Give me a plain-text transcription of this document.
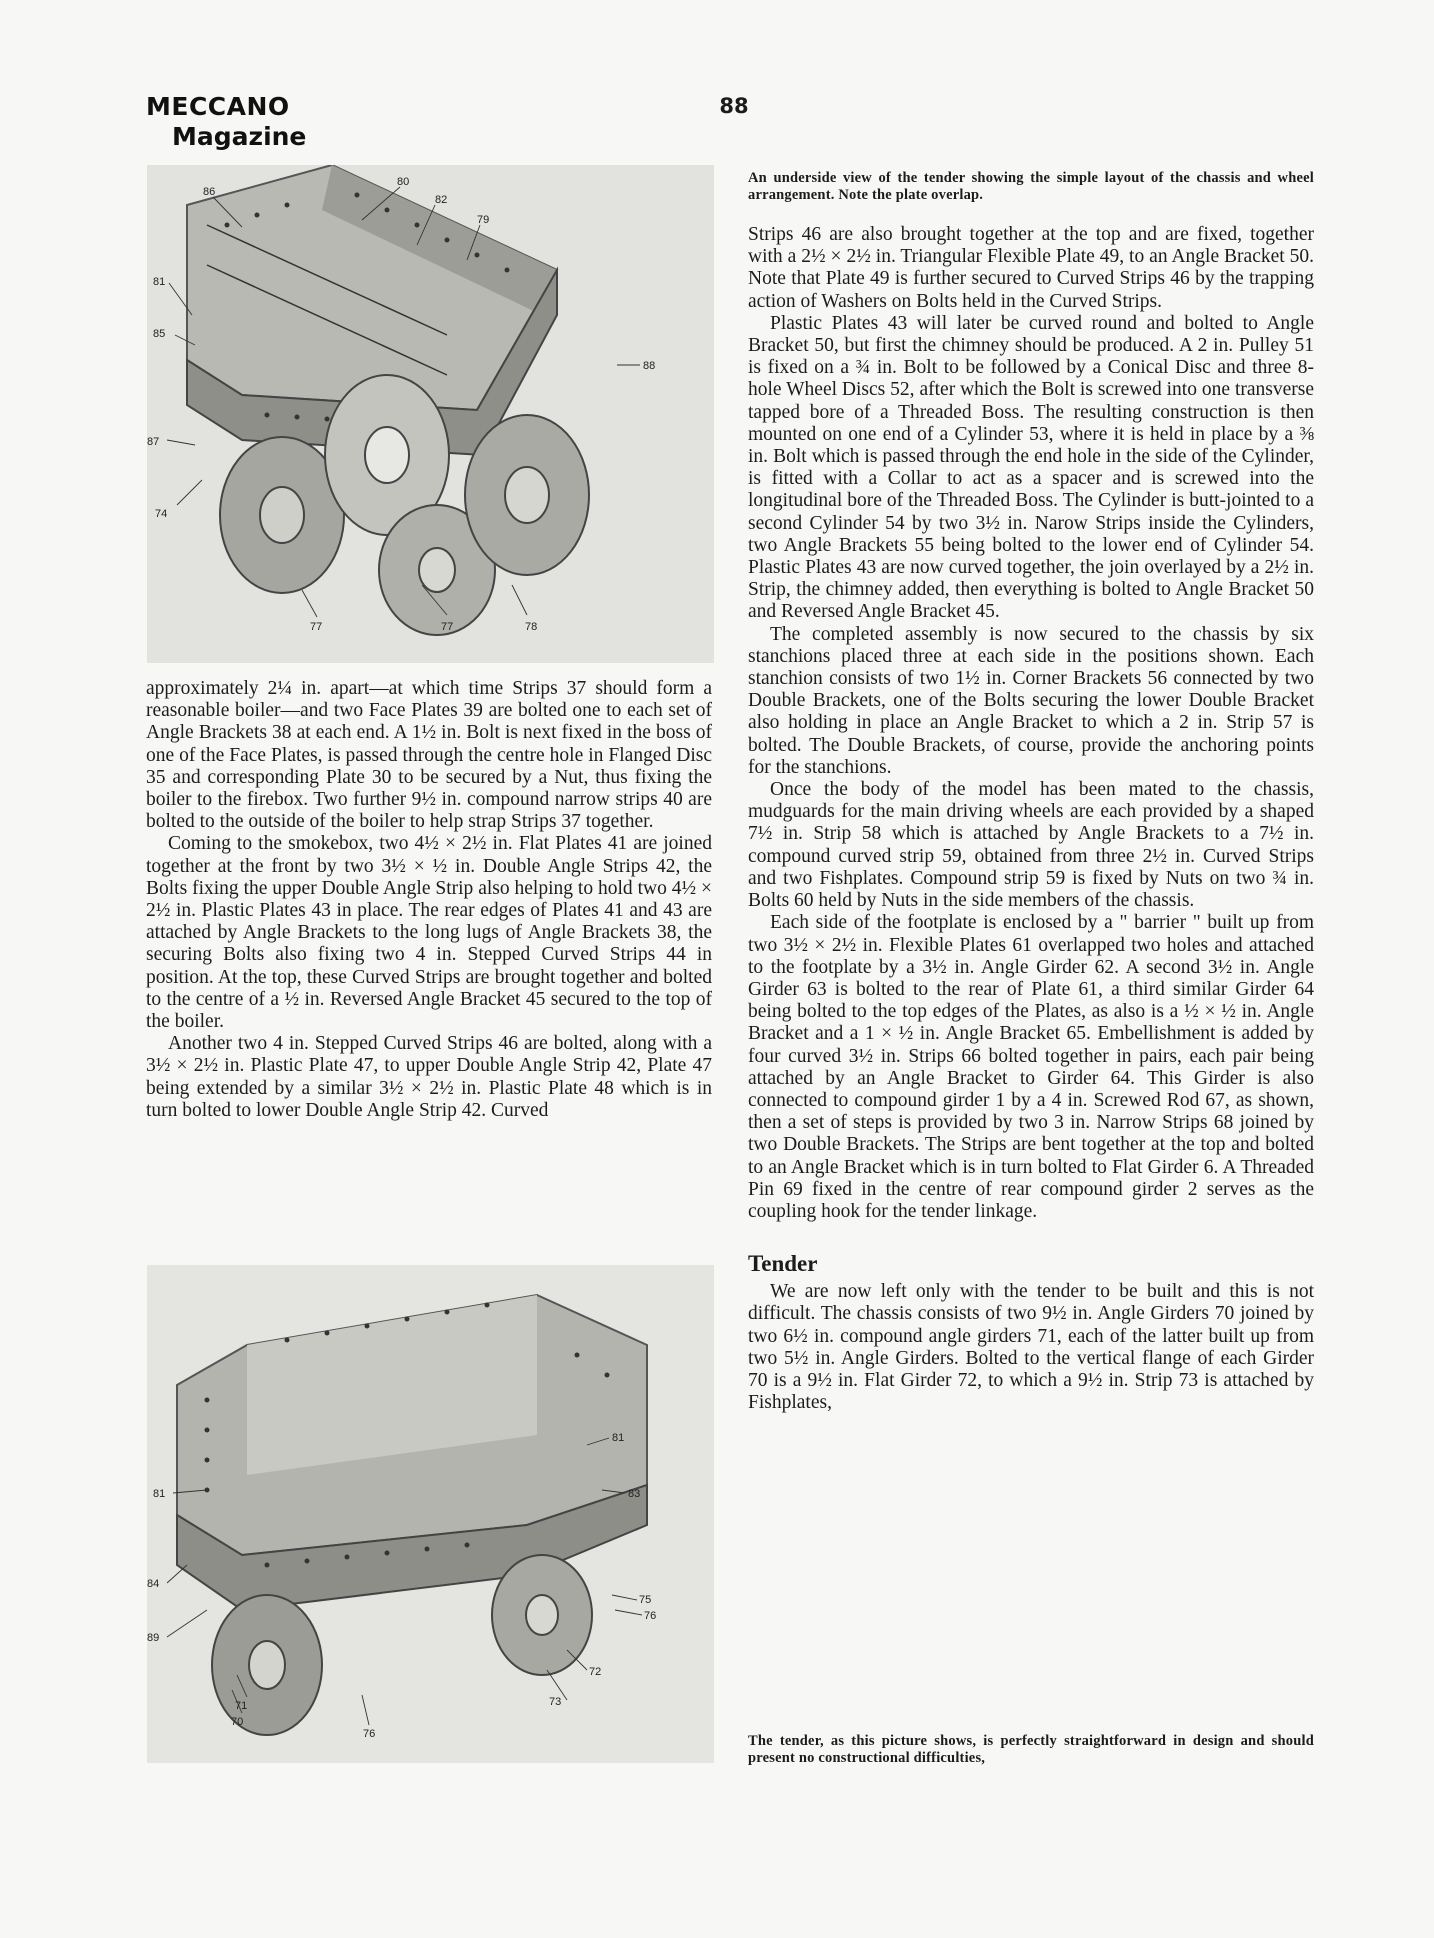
MECCANO
Magazine
88
86
80
82
79
81
85
88
87
74
77	77	78
An underside view of the tender showing the simple layout of the chassis and wheel arrangement. Note the plate overlap.

approximately 2¼ in. apart—at which time Strips 37 should form a reasonable boiler—and two Face Plates 39 are bolted one to each set of Angle Brackets 38 at each end. A 1½ in. Bolt is next fixed in the boss of one of the Face Plates, is passed through the centre hole in Flanged Disc 35 and corresponding Plate 30 to be secured by a Nut, thus fixing the boiler to the firebox. Two further 9½ in. compound narrow strips 40 are bolted to the outside of the boiler to help strap Strips 37 together.

Coming to the smokebox, two 4½ × 2½ in. Flat Plates 41 are joined together at the front by two 3½ × ½ in. Double Angle Strips 42, the Bolts fixing the upper Double Angle Strip also helping to hold two 4½ × 2½ in. Plastic Plates 43 in place. The rear edges of Plates 41 and 43 are attached by Angle Brackets to the long lugs of Angle Brackets 38, the securing Bolts also fixing two 4 in. Stepped Curved Strips 44 in position. At the top, these Curved Strips are brought together and bolted to the centre of a ½ in. Reversed Angle Bracket 45 secured to the top of the boiler.

Another two 4 in. Stepped Curved Strips 46 are bolted, along with a 3½ × 2½ in. Plastic Plate 47, to upper Double Angle Strip 42, Plate 47 being extended by a similar 3½ × 2½ in. Plastic Plate 48 which is in turn bolted to lower Double Angle Strip 42. Curved

81
81	83
84
89
75
76
72
73
71
70
76

Strips 46 are also brought together at the top and are fixed, together with a 2½ × 2½ in. Triangular Flexible Plate 49, to an Angle Bracket 50. Note that Plate 49 is further secured to Curved Strips 46 by the trapping action of Washers on Bolts held in the Curved Strips.

Plastic Plates 43 will later be curved round and bolted to Angle Bracket 50, but first the chimney should be produced. A 2 in. Pulley 51 is fixed on a ¾ in. Bolt to be followed by a Conical Disc and three 8-hole Wheel Discs 52, after which the Bolt is screwed into one transverse tapped bore of a Threaded Boss. The resulting construction is then mounted on one end of a Cylinder 53, where it is held in place by a ⅜ in. Bolt which is passed through the end hole in the side of the Cylinder, is fitted with a Collar to act as a spacer and is screwed into the longitudinal bore of the Threaded Boss. The Cylinder is butt-jointed to a second Cylinder 54 by two 3½ in. Narow Strips inside the Cylinders, two Angle Brackets 55 being bolted to the lower end of Cylinder 54. Plastic Plates 43 are now curved together, the join overlayed by a 2½ in. Strip, the chimney added, then everything is bolted to Angle Bracket 50 and Reversed Angle Bracket 45.

The completed assembly is now secured to the chassis by six stanchions placed three at each side in the positions shown. Each stanchion consists of two 1½ in. Corner Brackets 56 connected by two Double Brackets, one of the Bolts securing the lower Double Bracket also holding in place an Angle Bracket to which a 2 in. Strip 57 is bolted. The Double Brackets, of course, provide the anchoring points for the stanchions.

Once the body of the model has been mated to the chassis, mudguards for the main driving wheels are each provided by a shaped 7½ in. Strip 58 which is attached by Angle Brackets to a 7½ in. compound curved strip 59, obtained from three 2½ in. Curved Strips and two Fishplates. Compound strip 59 is fixed by Nuts on two ¾ in. Bolts 60 held by Nuts in the side members of the chassis.

Each side of the footplate is enclosed by a " barrier " built up from two 3½ × 2½ in. Flexible Plates 61 overlapped two holes and attached to the footplate by a 3½ in. Angle Girder 62. A second 3½ in. Angle Girder 63 is bolted to the rear of Plate 61, a third similar Girder 64 being bolted to the top edges of the Plates, as also is a ½ × ½ in. Angle Bracket and a 1 × ½ in. Angle Bracket 65. Embellishment is added by four curved 3½ in. Strips 66 bolted together in pairs, each pair being attached by an Angle Bracket to Girder 64. This Girder is also connected to compound girder 1 by a 4 in. Screwed Rod 67, as shown, then a set of steps is provided by two 3 in. Narrow Strips 68 joined by two Double Brackets. The Strips are bent together at the top and bolted to an Angle Bracket which is in turn bolted to Flat Girder 6. A Threaded Pin 69 fixed in the centre of rear compound girder 2 serves as the coupling hook for the tender linkage.

Tender

We are now left only with the tender to be built and this is not difficult. The chassis consists of two 9½ in. Angle Girders 70 joined by two 6½ in. compound angle girders 71, each of the latter built up from two 5½ in. Angle Girders. Bolted to the vertical flange of each Girder 70 is a 9½ in. Flat Girder 72, to which a 9½ in. Strip 73 is attached by Fishplates,

The tender, as this picture shows, is perfectly straightforward in design and should present no constructional difficulties,
